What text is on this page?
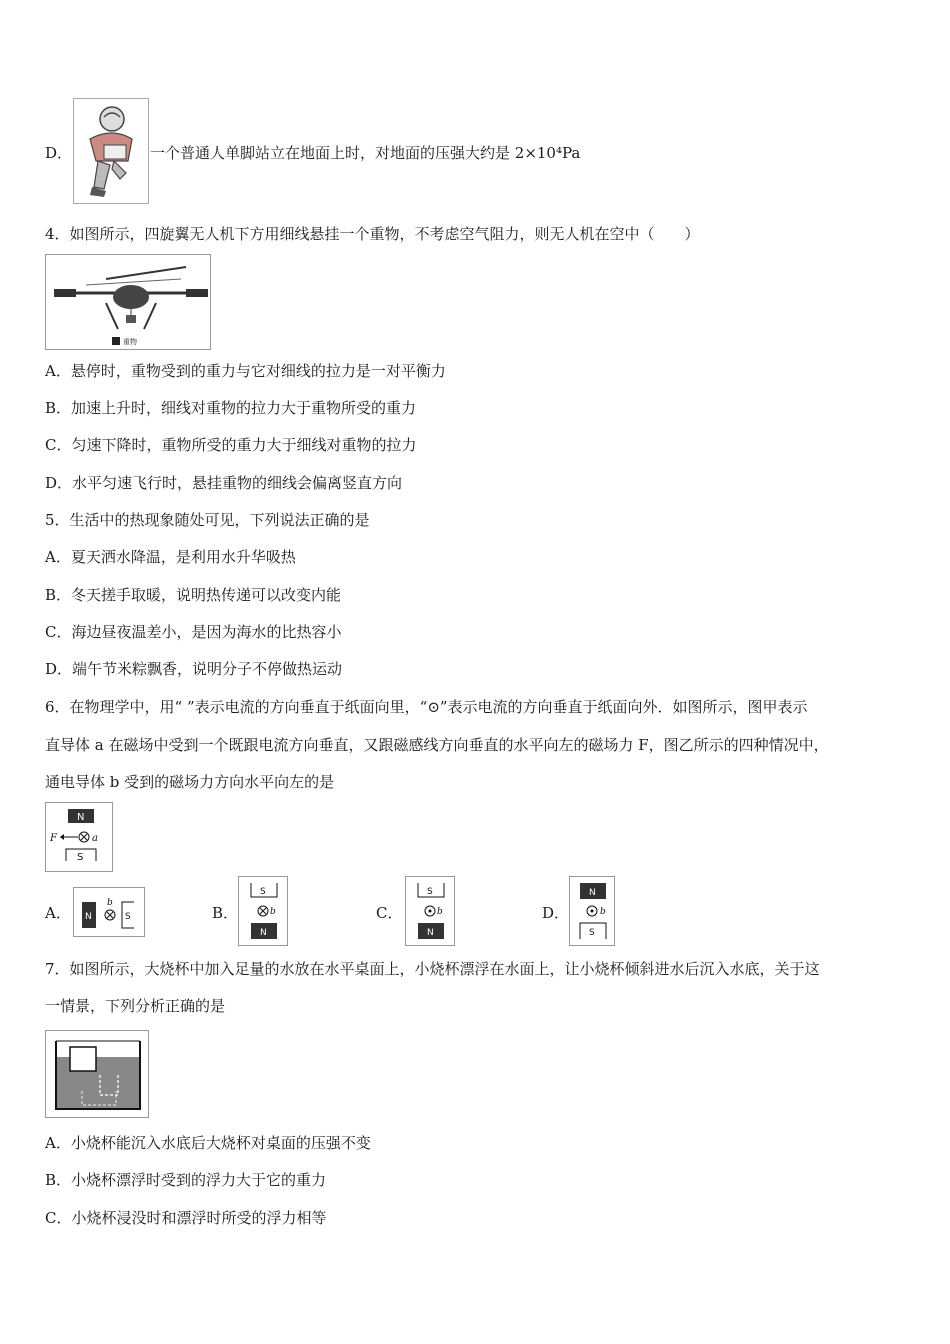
D．	一个普通人单脚站立在地面上时，对地面的压强大约是 2×10⁴Pa
4．如图所示，四旋翼无人机下方用细线悬挂一个重物，不考虑空气阻力，则无人机在空中（　　）
重物
A．悬停时，重物受到的重力与它对细线的拉力是一对平衡力
B．加速上升时，细线对重物的拉力大于重物所受的重力
C．匀速下降时，重物所受的重力大于细线对重物的拉力
D．水平匀速飞行时，悬挂重物的细线会偏离竖直方向
5．生活中的热现象随处可见，下列说法正确的是
A．夏天洒水降温，是利用水升华吸热
B．冬天搓手取暖，说明热传递可以改变内能
C．海边昼夜温差小，是因为海水的比热容小
D．端午节米粽飘香，说明分子不停做热运动
6．在物理学中，用“ ”表示电流的方向垂直于纸面向里，“⊙”表示电流的方向垂直于纸面向外．如图所示，图甲表示
直导体 a 在磁场中受到一个既跟电流方向垂直，又跟磁感线方向垂直的水平向左的磁场力 F，图乙所示的四种情况中，
通电导体 b 受到的磁场力方向水平向左的是
N
F	a
S
A． N
b
S	B．
S
b
N
C．
S
b
N
D．
N
b
S
7．如图所示，大烧杯中加入足量的水放在水平桌面上，小烧杯漂浮在水面上，让小烧杯倾斜进水后沉入水底，关于这
一情景，下列分析正确的是
A．小烧杯能沉入水底后大烧杯对桌面的压强不变
B．小烧杯漂浮时受到的浮力大于它的重力
C．小烧杯浸没时和漂浮时所受的浮力相等
